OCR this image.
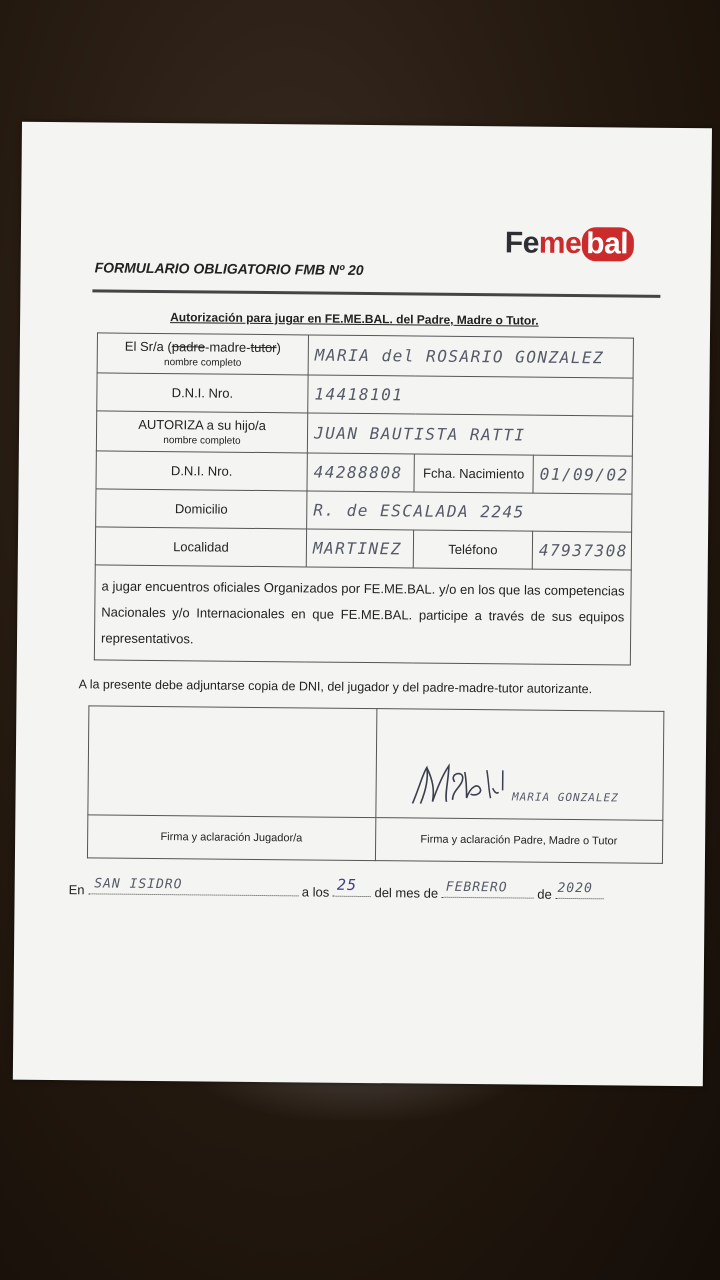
Feme bal
FORMULARIO OBLIGATORIO FMB Nº 20
Autorización para jugar en FE.ME.BAL. del Padre, Madre o Tutor.
El Sr/a (padre-madre-tutor)
nombre completo	MARIA del ROSARIO GONZALEZ		

D.N.I. Nro.	14418101		

AUTORIZA a su hijo/a
nombre completo	JUAN BAUTISTA RATTI		

D.N.I. Nro.	44288808	Fcha. Nacimiento	01/09/02

Domicilio	R. de ESCALADA 2245		

Localidad	MARTINEZ	Teléfono	47937308
a jugar encuentros oficiales Organizados por FE.ME.BAL. y/o en los que las competencias Nacionales y/o Internacionales en que FE.ME.BAL. participe a través de sus equipos representativos.			
A la presente debe adjuntarse copia de DNI, del jugador y del padre-madre-tutor autorizante.

	MARIA GONZALEZ

Firma y aclaración Jugador/a	Firma y aclaración Padre, Madre o Tutor
En SAN ISIDRO	a los 25 del mes de FEBRERO de 2020
